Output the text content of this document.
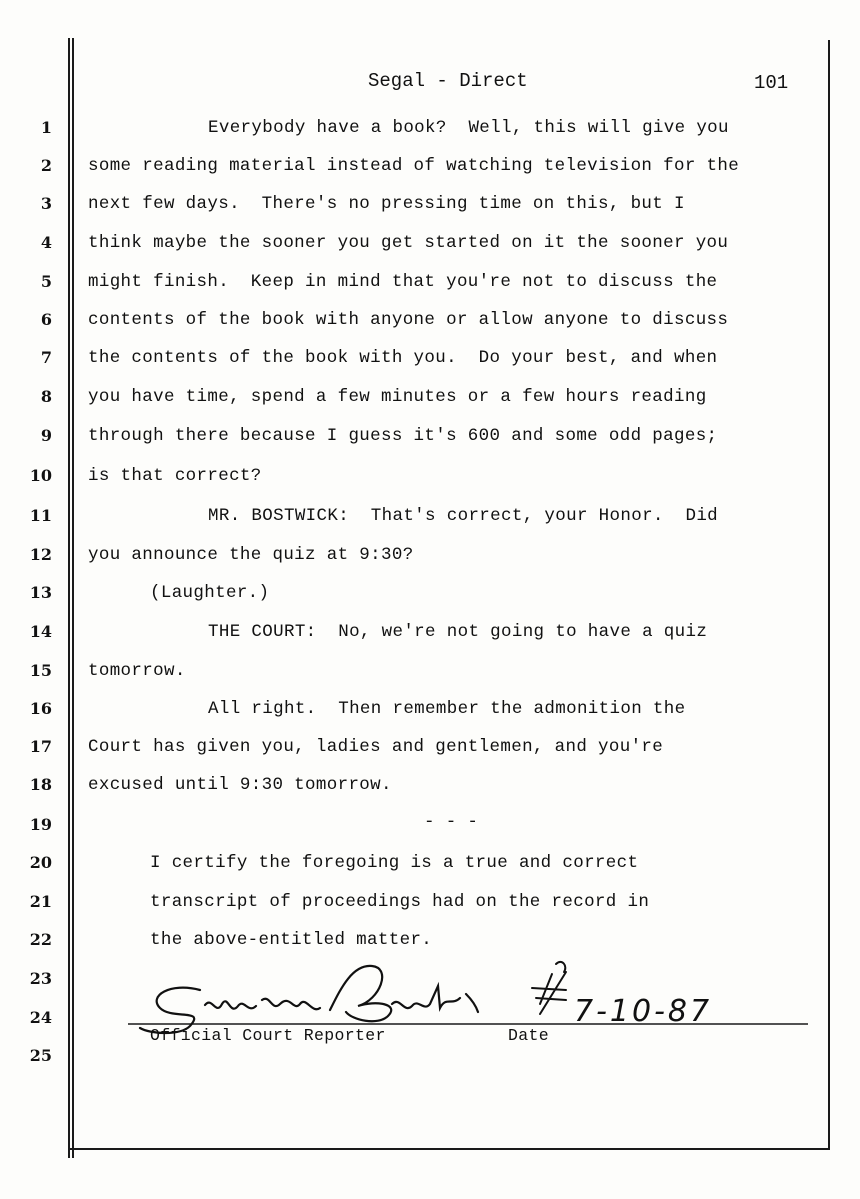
Segal - Direct	101
1
2
3
4
5
6
7
8
9
10
11
12
13
14
15
16
17
18
19
20
21
22
23
24
25
Everybody have a book?  Well, this will give you
some reading material instead of watching television for the
next few days.  There's no pressing time on this, but I
think maybe the sooner you get started on it the sooner you
might finish.  Keep in mind that you're not to discuss the
contents of the book with anyone or allow anyone to discuss
the contents of the book with you.  Do your best, and when
you have time, spend a few minutes or a few hours reading
through there because I guess it's 600 and some odd pages;
is that correct?
MR. BOSTWICK:  That's correct, your Honor.  Did
you announce the quiz at 9:30?
(Laughter.)
THE COURT:  No, we're not going to have a quiz
tomorrow.
All right.  Then remember the admonition the
Court has given you, ladies and gentlemen, and you're
excused until 9:30 tomorrow.
- - -
I certify the foregoing is a true and correct
transcript of proceedings had on the record in
the above-entitled matter.
7-10-87
Official Court Reporter	Date
